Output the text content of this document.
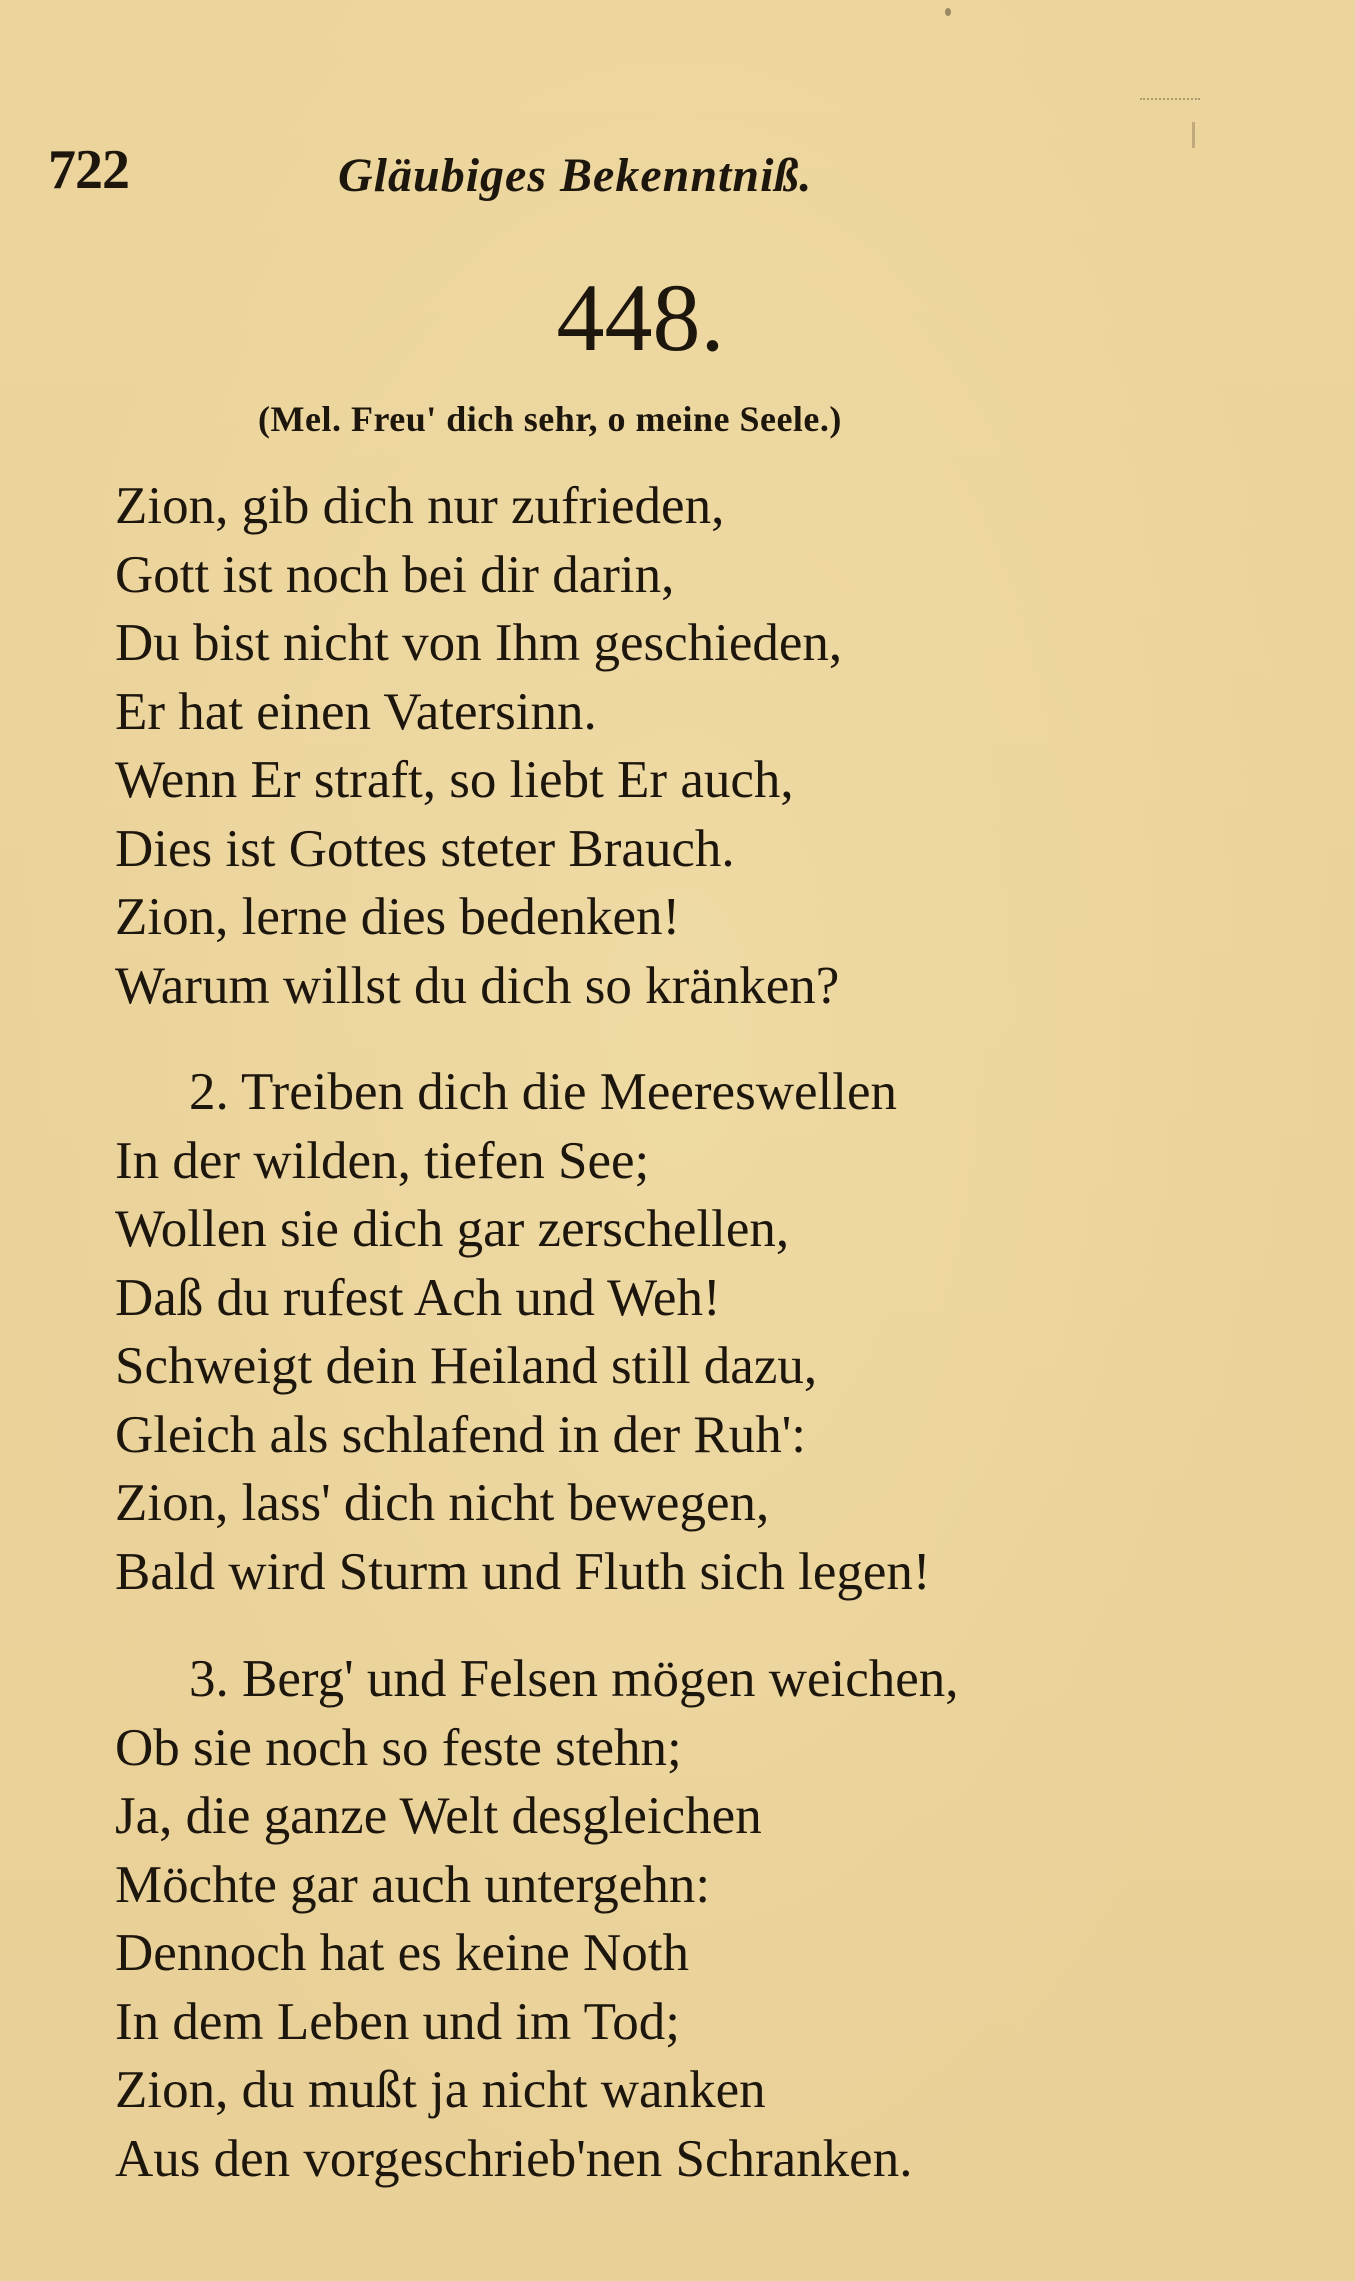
722	Gläubiges Bekenntniß.
448.
(Mel. Freu' dich sehr, o meine Seele.)
Zion, gib dich nur zufrieden,
Gott ist noch bei dir darin,
Du bist nicht von Ihm geschieden,
Er hat einen Vatersinn.
Wenn Er straft, so liebt Er auch,
Dies ist Gottes steter Brauch.
Zion, lerne dies bedenken!
Warum willst du dich so kränken?
2. Treiben dich die Meereswellen
In der wilden, tiefen See;
Wollen sie dich gar zerschellen,
Daß du rufest Ach und Weh!
Schweigt dein Heiland still dazu,
Gleich als schlafend in der Ruh':
Zion, lass' dich nicht bewegen,
Bald wird Sturm und Fluth sich legen!
3. Berg' und Felsen mögen weichen,
Ob sie noch so feste stehn;
Ja, die ganze Welt desgleichen
Möchte gar auch untergehn:
Dennoch hat es keine Noth
In dem Leben und im Tod;
Zion, du mußt ja nicht wanken
Aus den vorgeschrieb'nen Schranken.
